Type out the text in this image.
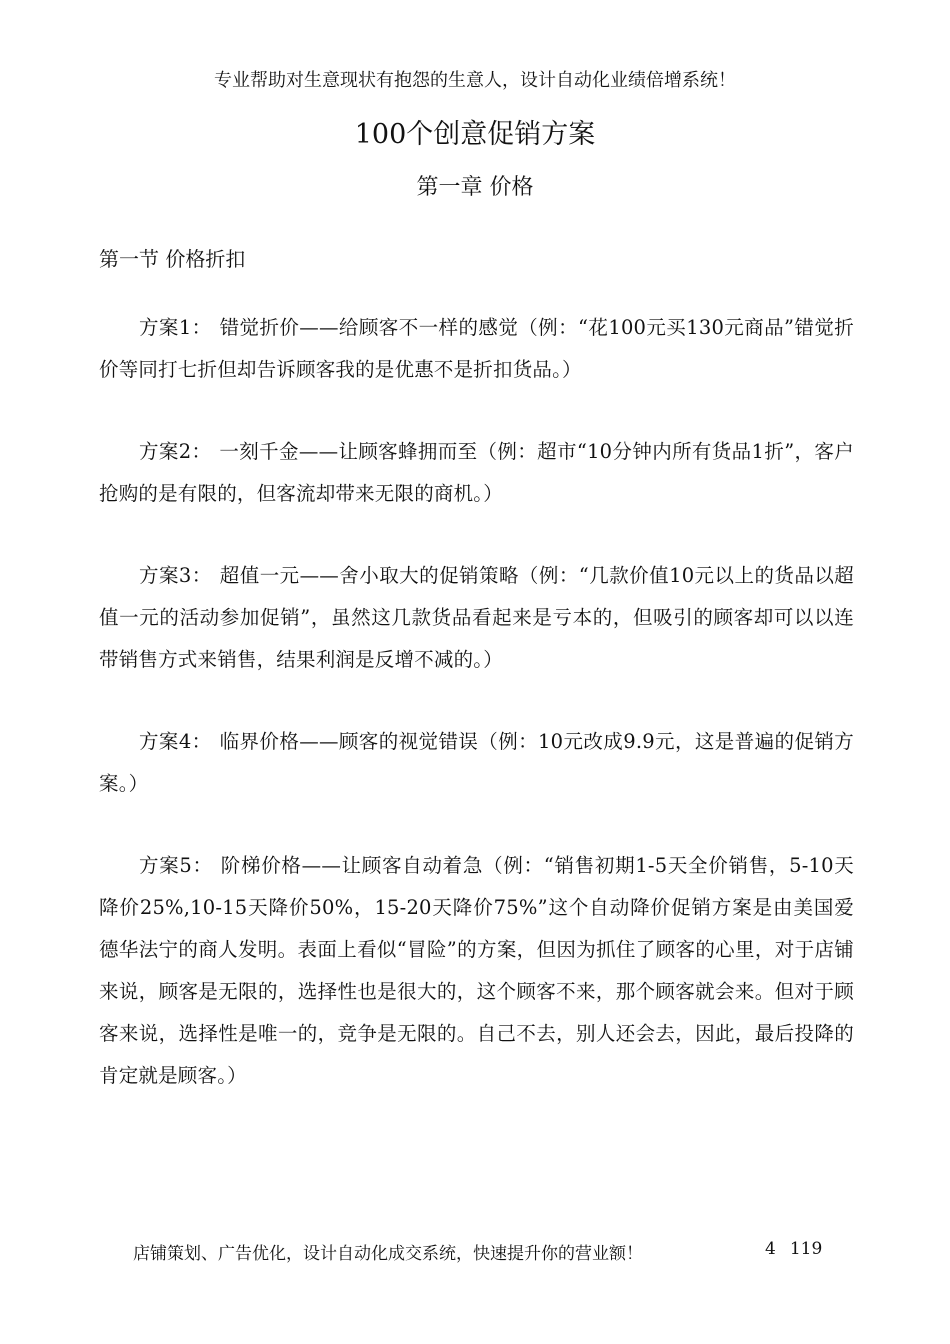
专业帮助对生意现状有抱怨的生意人，设计自动化业绩倍增系统！
100个创意促销方案
第一章 价格
第一节 价格折扣

方案1： 错觉折价——给顾客不一样的感觉（例：“花100元买130元商品”错觉折价等同打七折但却告诉顾客我的是优惠不是折扣货品。）

方案2： 一刻千金——让顾客蜂拥而至（例：超市“10分钟内所有货品1折”，客户抢购的是有限的，但客流却带来无限的商机。）

方案3： 超值一元——舍小取大的促销策略（例：“几款价值10元以上的货品以超值一元的活动参加促销”，虽然这几款货品看起来是亏本的，但吸引的顾客却可以以连带销售方式来销售，结果利润是反增不减的。）

方案4： 临界价格——顾客的视觉错误（例：10元改成9.9元，这是普遍的促销方案。）

方案5： 阶梯价格——让顾客自动着急（例：“销售初期1-5天全价销售，5-10天降价25%,10-15天降价50%，15-20天降价75%”这个自动降价促销方案是由美国爱德华法宁的商人发明。表面上看似“冒险”的方案，但因为抓住了顾客的心里，对于店铺来说，顾客是无限的，选择性也是很大的，这个顾客不来，那个顾客就会来。但对于顾客来说，选择性是唯一的，竞争是无限的。自己不去，别人还会去，因此，最后投降的肯定就是顾客。）

店铺策划、广告优化，设计自动化成交系统，快速提升你的营业额！	4 119
